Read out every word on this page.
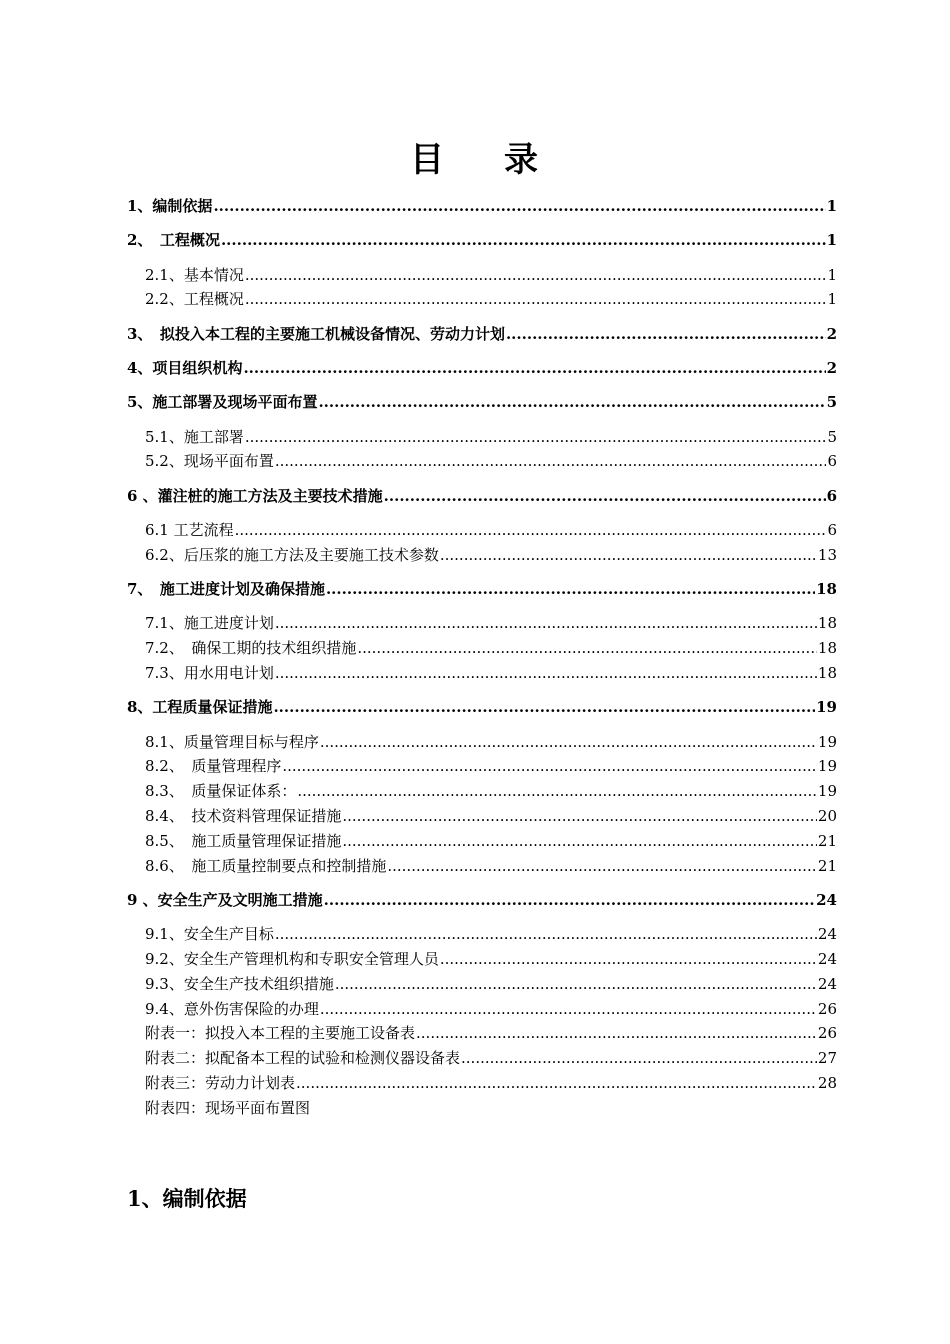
目 录
1、编制依据 .....	1
2、　工程概况 .....	1
2.1、基本情况 .....	1
2.2、工程概况 .....	1
3、　拟投入本工程的主要施工机械设备情况、劳动力计划 .....	2
4、项目组织机构 .....	2
5、施工部署及现场平面布置 .....	5
5.1、施工部署 .....	5
5.2、现场平面布置 .....	6
6 、灌注桩的施工方法及主要技术措施 .....	6
6.1 工艺流程 .....	6
6.2、后压浆的施工方法及主要施工技术参数 .....	13
7、　施工进度计划及确保措施 .....	18
7.1、施工进度计划 .....	18
7.2、　确保工期的技术组织措施 .....	18
7.3、用水用电计划 .....	18
8、工程质量保证措施 .....	19
8.1、质量管理目标与程序 .....	19
8.2、　质量管理程序 .....	19
8.3、　质量保证体系： .....	19
8.4、　技术资料管理保证措施 .....	20
8.5、　施工质量管理保证措施 .....	21
8.6、　施工质量控制要点和控制措施 .....	21
9 、安全生产及文明施工措施 .....	24
9.1、安全生产目标 .....	24
9.2、安全生产管理机构和专职安全管理人员 .....	24
9.3、安全生产技术组织措施 .....	24
9.4、意外伤害保险的办理 .....	26
附表一：拟投入本工程的主要施工设备表 .....	26
附表二：拟配备本工程的试验和检测仪器设备表 .....	27
附表三：劳动力计划表 .....	28
附表四：现场平面布置图
1、编制依据
